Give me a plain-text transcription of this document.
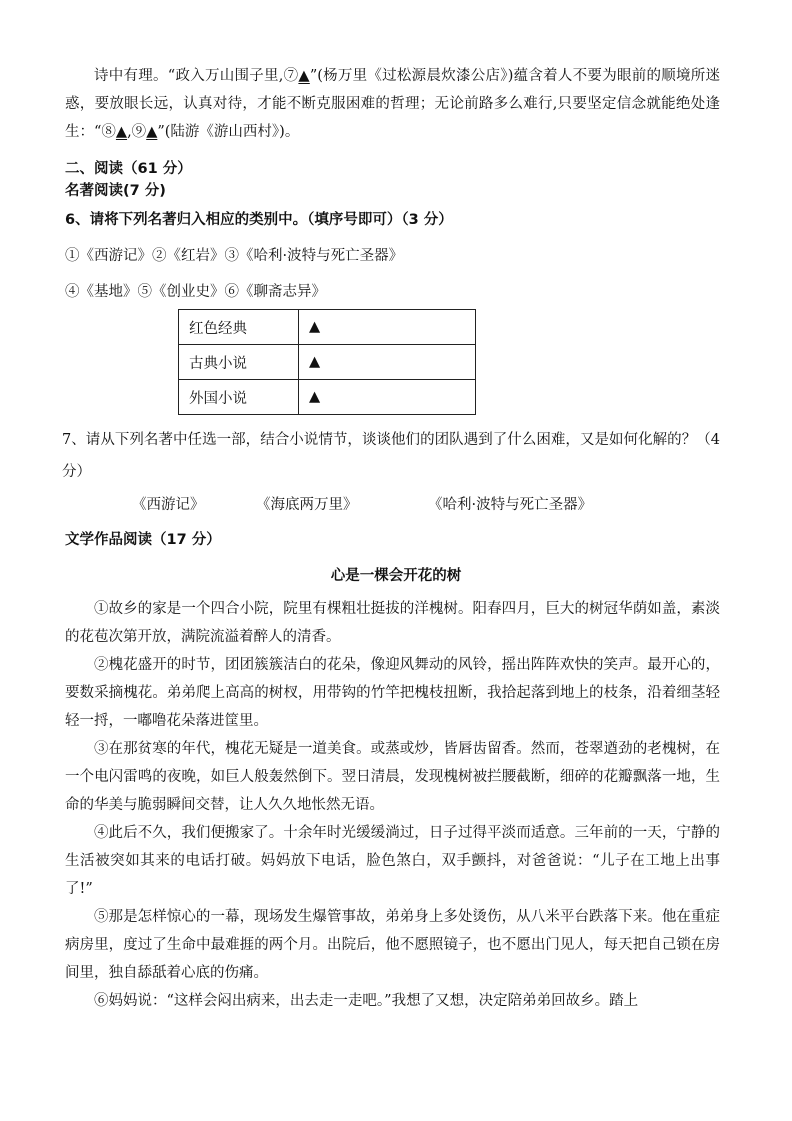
诗中有理。“政入万山围子里,⑦▲”(杨万里《过松源晨炊漆公店》)蕴含着人不要为眼前的顺境所迷惑，要放眼长远，认真对待，才能不断克服困难的哲理；无论前路多么难行,只要坚定信念就能绝处逢生：“⑧▲,⑨▲”(陆游《游山西村》)。

二、阅读（61 分）

名著阅读(7 分)

6、请将下列名著归入相应的类别中。（填序号即可）（3 分）

①《西游记》②《红岩》③《哈利·波特与死亡圣器》

④《基地》⑤《创业史》⑥《聊斋志异》

红色经典	▲
古典小说	▲
外国小说	▲

7、请从下列名著中任选一部，结合小说情节，谈谈他们的团队遇到了什么困难，又是如何化解的？（4 分）

《西游记》	《海底两万里》	《哈利·波特与死亡圣器》

文学作品阅读（17 分）

心是一棵会开花的树

①故乡的家是一个四合小院，院里有棵粗壮挺拔的洋槐树。阳春四月，巨大的树冠华荫如盖，素淡的花苞次第开放，满院流溢着醉人的清香。

②槐花盛开的时节，团团簇簇洁白的花朵，像迎风舞动的风铃，摇出阵阵欢快的笑声。最开心的，要数采摘槐花。弟弟爬上高高的树杈，用带钩的竹竿把槐枝扭断，我拾起落到地上的枝条，沿着细茎轻轻一捋，一嘟噜花朵落进筐里。

③在那贫寒的年代，槐花无疑是一道美食。或蒸或炒，皆唇齿留香。然而，苍翠遒劲的老槐树，在一个电闪雷鸣的夜晚，如巨人般轰然倒下。翌日清晨，发现槐树被拦腰截断，细碎的花瓣飘落一地，生命的华美与脆弱瞬间交替，让人久久地怅然无语。

④此后不久，我们便搬家了。十余年时光缓缓淌过，日子过得平淡而适意。三年前的一天，宁静的生活被突如其来的电话打破。妈妈放下电话，脸色煞白，双手颤抖，对爸爸说：“儿子在工地上出事了!”

⑤那是怎样惊心的一幕，现场发生爆管事故，弟弟身上多处烫伤，从八米平台跌落下来。他在重症病房里，度过了生命中最难捱的两个月。出院后，他不愿照镜子，也不愿出门见人，每天把自己锁在房间里，独自舔舐着心底的伤痛。

⑥妈妈说：“这样会闷出病来，出去走一走吧。”我想了又想，决定陪弟弟回故乡。踏上
